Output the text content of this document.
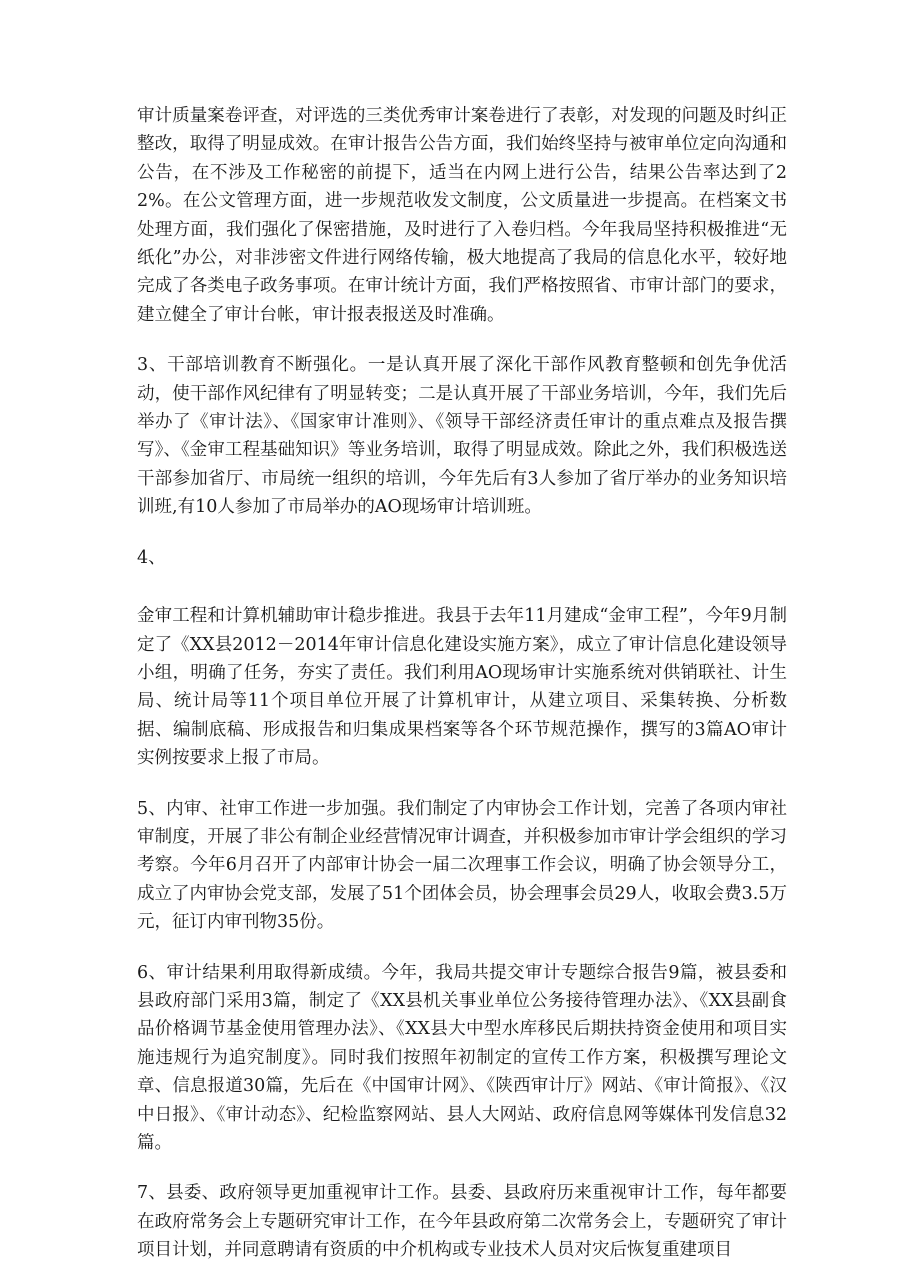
审计质量案卷评查，对评选的三类优秀审计案卷进行了表彰，对发现的问题及时纠正整改，取得了明显成效。在审计报告公告方面，我们始终坚持与被审单位定向沟通和公告，在不涉及工作秘密的前提下，适当在内网上进行公告，结果公告率达到了22%。在公文管理方面，进一步规范收发文制度，公文质量进一步提高。在档案文书处理方面，我们强化了保密措施，及时进行了入卷归档。今年我局坚持积极推进“无纸化”办公，对非涉密文件进行网络传输，极大地提高了我局的信息化水平，较好地完成了各类电子政务事项。在审计统计方面，我们严格按照省、市审计部门的要求，建立健全了审计台帐，审计报表报送及时准确。

3、干部培训教育不断强化。一是认真开展了深化干部作风教育整顿和创先争优活动，使干部作风纪律有了明显转变；二是认真开展了干部业务培训，今年，我们先后举办了《审计法》、《国家审计准则》、《领导干部经济责任审计的重点难点及报告撰写》、《金审工程基础知识》等业务培训，取得了明显成效。除此之外，我们积极选送干部参加省厅、市局统一组织的培训，今年先后有3人参加了省厅举办的业务知识培训班,有10人参加了市局举办的AO现场审计培训班。

4、

金审工程和计算机辅助审计稳步推进。我县于去年11月建成“金审工程”，今年9月制定了《XX县2012－2014年审计信息化建设实施方案》，成立了审计信息化建设领导小组，明确了任务，夯实了责任。我们利用AO现场审计实施系统对供销联社、计生局、统计局等11个项目单位开展了计算机审计，从建立项目、采集转换、分析数据、编制底稿、形成报告和归集成果档案等各个环节规范操作，撰写的3篇AO审计实例按要求上报了市局。

5、内审、社审工作进一步加强。我们制定了内审协会工作计划，完善了各项内审社审制度，开展了非公有制企业经营情况审计调查，并积极参加市审计学会组织的学习考察。今年6月召开了内部审计协会一届二次理事工作会议，明确了协会领导分工，成立了内审协会党支部，发展了51个团体会员，协会理事会员29人，收取会费3.5万元，征订内审刊物35份。

6、审计结果利用取得新成绩。今年，我局共提交审计专题综合报告9篇，被县委和县政府部门采用3篇，制定了《XX县机关事业单位公务接待管理办法》、《XX县副食品价格调节基金使用管理办法》、《XX县大中型水库移民后期扶持资金使用和项目实施违规行为追究制度》。同时我们按照年初制定的宣传工作方案，积极撰写理论文章、信息报道30篇，先后在《中国审计网》、《陕西审计厅》网站、《审计简报》、《汉中日报》、《审计动态》、纪检监察网站、县人大网站、政府信息网等媒体刊发信息32篇。

7、县委、政府领导更加重视审计工作。县委、县政府历来重视审计工作，每年都要在政府常务会上专题研究审计工作，在今年县政府第二次常务会上，专题研究了审计项目计划，并同意聘请有资质的中介机构或专业技术人员对灾后恢复重建项目
